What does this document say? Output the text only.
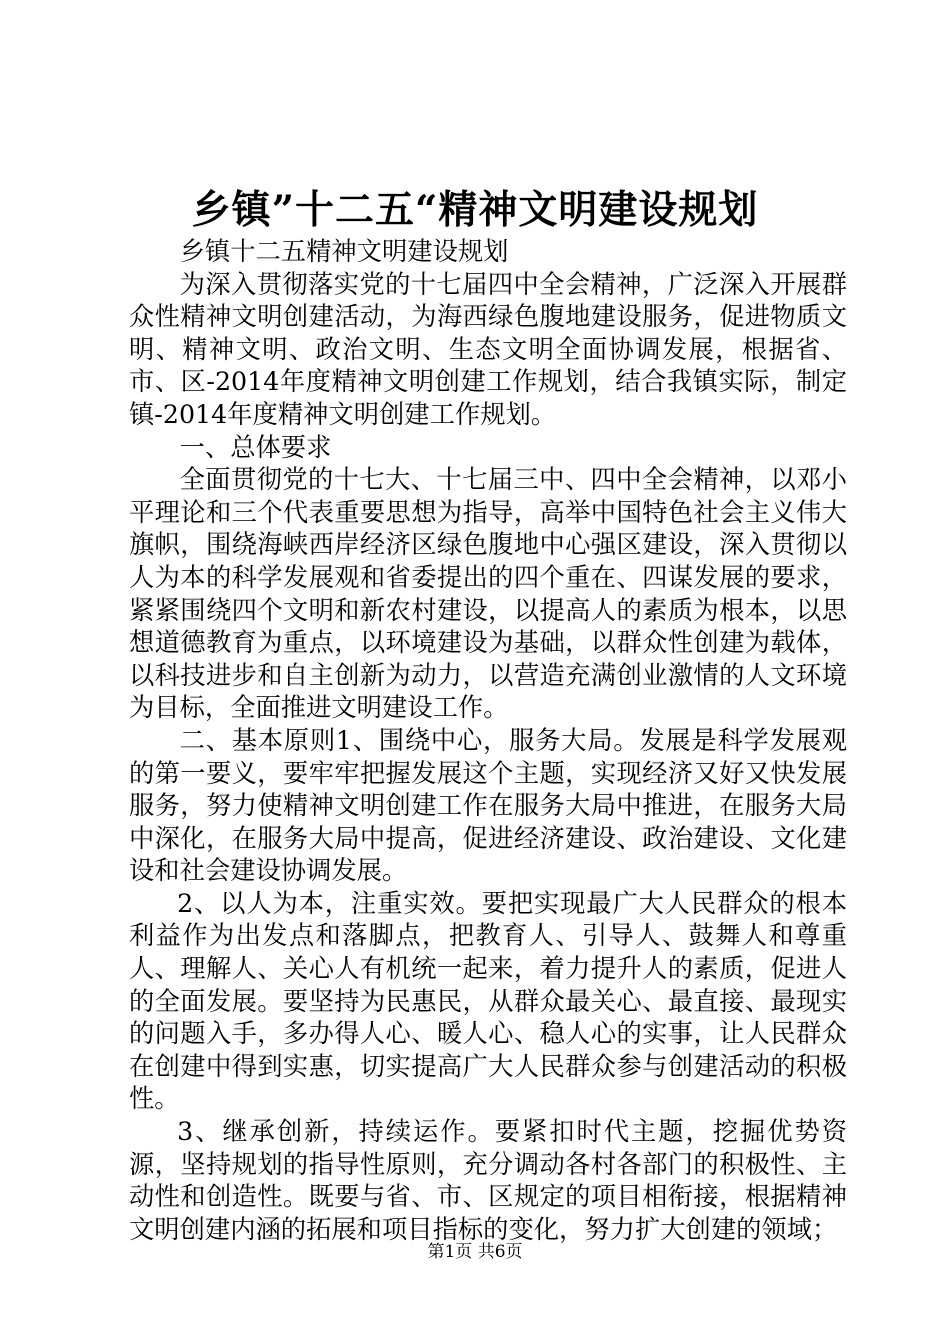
乡镇”十二五“精神文明建设规划

乡镇十二五精神文明建设规划

为深入贯彻落实党的十七届四中全会精神，广泛深入开展群众性精神文明创建活动，为海西绿色腹地建设服务，促进物质文明、精神文明、政治文明、生态文明全面协调发展，根据省、市、区-2014年度精神文明创建工作规划，结合我镇实际，制定镇-2014年度精神文明创建工作规划。

一、总体要求

全面贯彻党的十七大、十七届三中、四中全会精神，以邓小平理论和三个代表重要思想为指导，高举中国特色社会主义伟大旗帜，围绕海峡西岸经济区绿色腹地中心强区建设，深入贯彻以人为本的科学发展观和省委提出的四个重在、四谋发展的要求，紧紧围绕四个文明和新农村建设，以提高人的素质为根本，以思想道德教育为重点，以环境建设为基础，以群众性创建为载体，以科技进步和自主创新为动力，以营造充满创业激情的人文环境为目标，全面推进文明建设工作。

二、基本原则1、围绕中心，服务大局。发展是科学发展观的第一要义，要牢牢把握发展这个主题，实现经济又好又快发展服务，努力使精神文明创建工作在服务大局中推进，在服务大局中深化，在服务大局中提高，促进经济建设、政治建设、文化建设和社会建设协调发展。

2、以人为本，注重实效。要把实现最广大人民群众的根本利益作为出发点和落脚点，把教育人、引导人、鼓舞人和尊重人、理解人、关心人有机统一起来，着力提升人的素质，促进人的全面发展。要坚持为民惠民，从群众最关心、最直接、最现实的问题入手，多办得人心、暖人心、稳人心的实事，让人民群众在创建中得到实惠，切实提高广大人民群众参与创建活动的积极性。

3、继承创新，持续运作。要紧扣时代主题，挖掘优势资源，坚持规划的指导性原则，充分调动各村各部门的积极性、主动性和创造性。既要与省、市、区规定的项目相衔接，根据精神文明创建内涵的拓展和项目指标的变化，努力扩大创建的领域；

第1页 共6页
